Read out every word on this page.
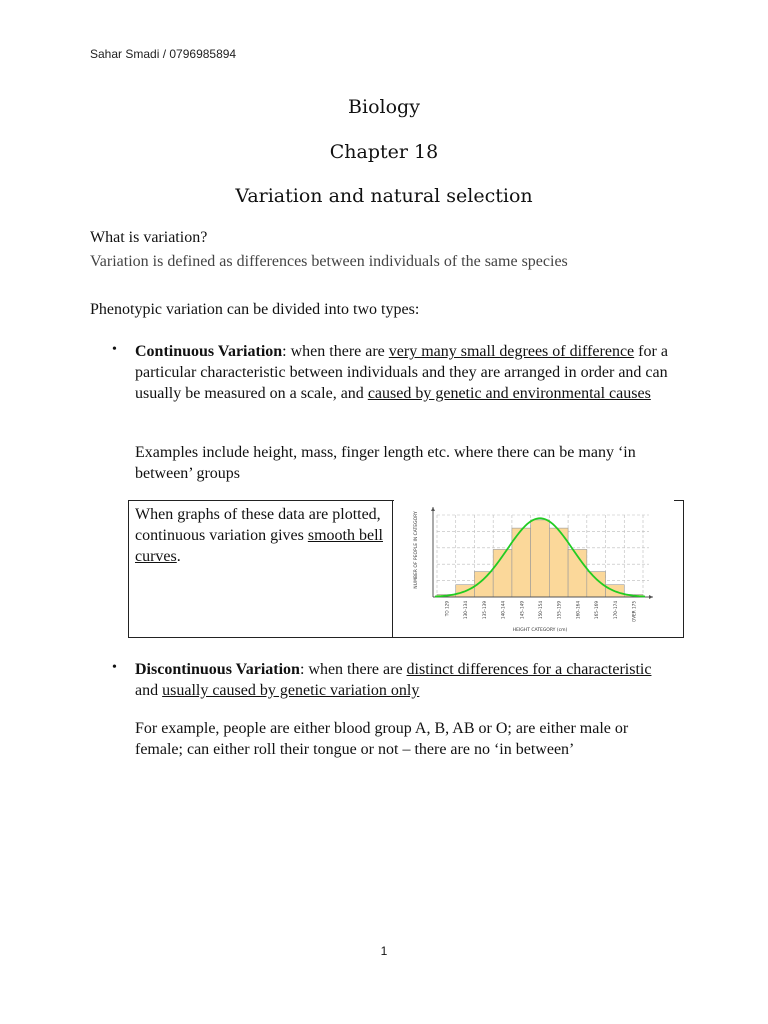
Sahar Smadi / 0796985894
Biology
Chapter 18
Variation and natural selection
What is variation?
Variation is defined as differences between individuals of the same species
Phenotypic variation can be divided into two types:
• Continuous Variation: when there are very many small degrees of difference for a particular characteristic between individuals and they are arranged in order and can usually be measured on a scale, and caused by genetic and environmental causes
Examples include height, mass, finger length etc. where there can be many ‘in between’ groups
When graphs of these data are plotted, continuous variation gives smooth bell curves.
TO 129	130–134	135–139	140–144	145–149	150–154	155–159	160–164	165–169	170–174	OVER 175
HEIGHT CATEGORY (cm)
NUMBER OF PEOPLE IN CATEGORY
• Discontinuous Variation: when there are distinct differences for a characteristic and usually caused by genetic variation only
For example, people are either blood group A, B, AB or O; are either male or female; can either roll their tongue or not – there are no ‘in between’
1
